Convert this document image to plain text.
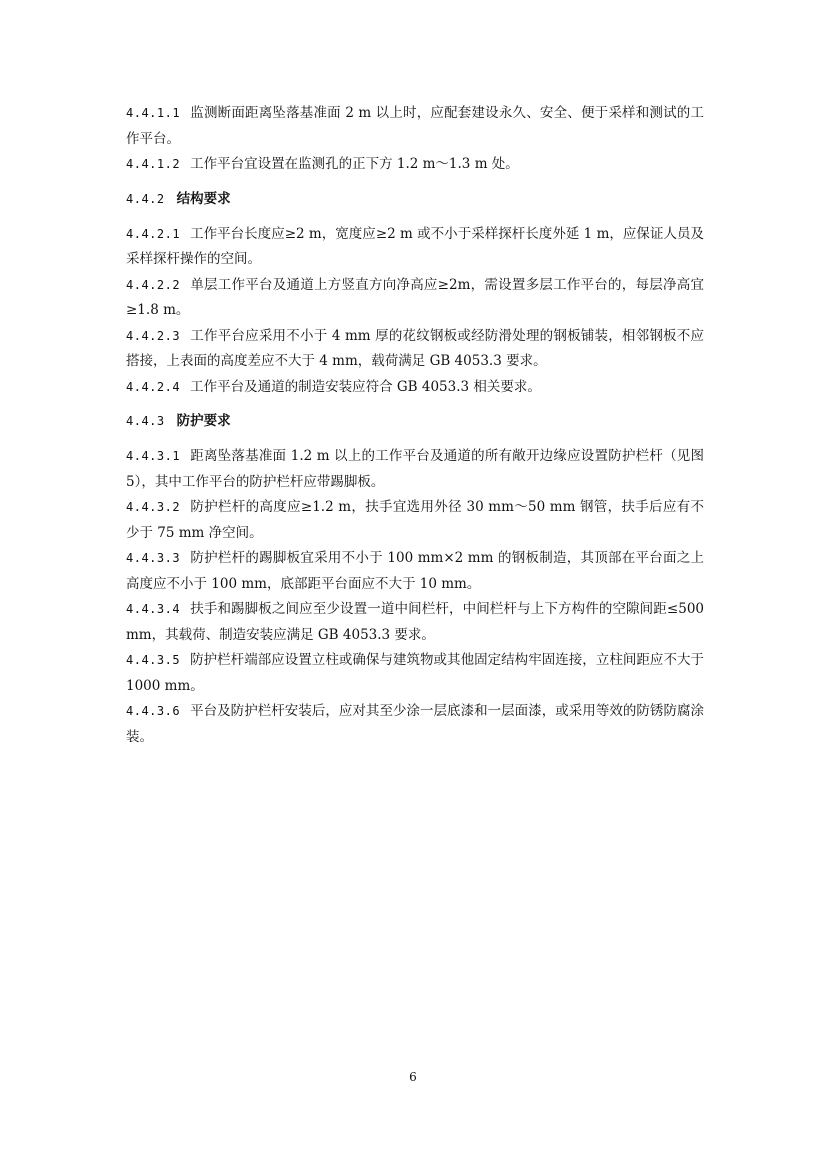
4.4.1.1 监测断面距离坠落基准面 2 m 以上时，应配套建设永久、安全、便于采样和测试的工作平台。

4.4.1.2 工作平台宜设置在监测孔的正下方 1.2 m～1.3 m 处。

4.4.2 结构要求

4.4.2.1 工作平台长度应≥2 m，宽度应≥2 m 或不小于采样探杆长度外延 1 m，应保证人员及采样探杆操作的空间。

4.4.2.2 单层工作平台及通道上方竖直方向净高应≥2m，需设置多层工作平台的，每层净高宜≥1.8 m。

4.4.2.3 工作平台应采用不小于 4 mm 厚的花纹钢板或经防滑处理的钢板铺装，相邻钢板不应搭接，上表面的高度差应不大于 4 mm，载荷满足 GB 4053.3 要求。

4.4.2.4 工作平台及通道的制造安装应符合 GB 4053.3 相关要求。

4.4.3 防护要求

4.4.3.1 距离坠落基准面 1.2 m 以上的工作平台及通道的所有敞开边缘应设置防护栏杆（见图 5），其中工作平台的防护栏杆应带踢脚板。

4.4.3.2 防护栏杆的高度应≥1.2 m，扶手宜选用外径 30 mm～50 mm 钢管，扶手后应有不少于 75 mm 净空间。

4.4.3.3 防护栏杆的踢脚板宜采用不小于 100 mm×2 mm 的钢板制造，其顶部在平台面之上高度应不小于 100 mm，底部距平台面应不大于 10 mm。

4.4.3.4 扶手和踢脚板之间应至少设置一道中间栏杆，中间栏杆与上下方构件的空隙间距≤500 mm，其载荷、制造安装应满足 GB 4053.3 要求。

4.4.3.5 防护栏杆端部应设置立柱或确保与建筑物或其他固定结构牢固连接，立柱间距应不大于 1000 mm。

4.4.3.6 平台及防护栏杆安装后，应对其至少涂一层底漆和一层面漆，或采用等效的防锈防腐涂装。

6
